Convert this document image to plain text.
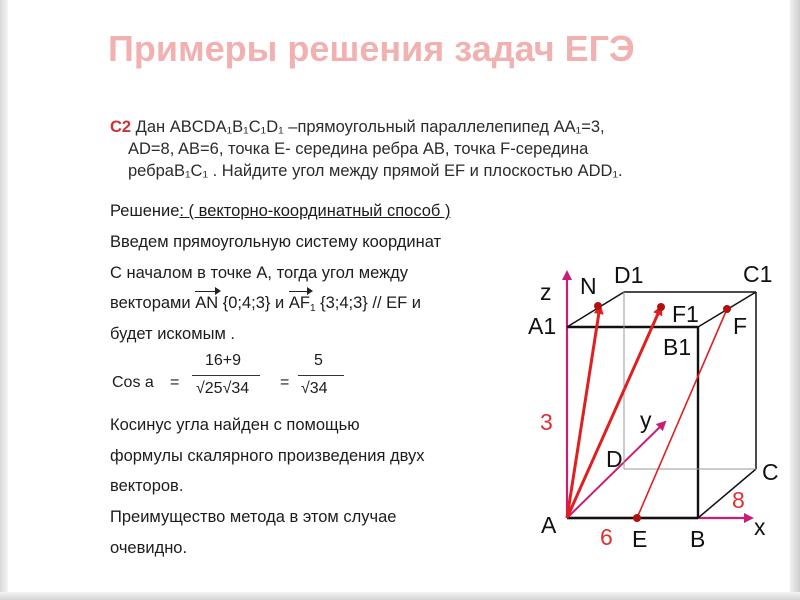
Примеры решения задач ЕГЭ
С2 Дан ABCDA₁B₁C₁D₁ –прямоугольный параллелепипед AA₁=3,
AD=8, AB=6, точка E- середина ребра AB, точка F-середина
ребраB₁C₁ . Найдите угол между прямой EF и плоскостью ADD₁.
Решение: ( векторно-координатный способ )
Введем прямоугольную систему координат
С началом в точке A, тогда угол между
векторами AN {0;4;3} и $AF_1$ {3;4;3} // EF и
будет искомым .
Cos a =
16+9
√25√34 =
5
√34
Косинус угла найден с помощью
формулы скалярного произведения двух
векторов.
Преимущество метода в этом случае
очевидно.
z N D1	C1
A1	F1 F
B1
3	y
D	C
8
A 6 E B x
